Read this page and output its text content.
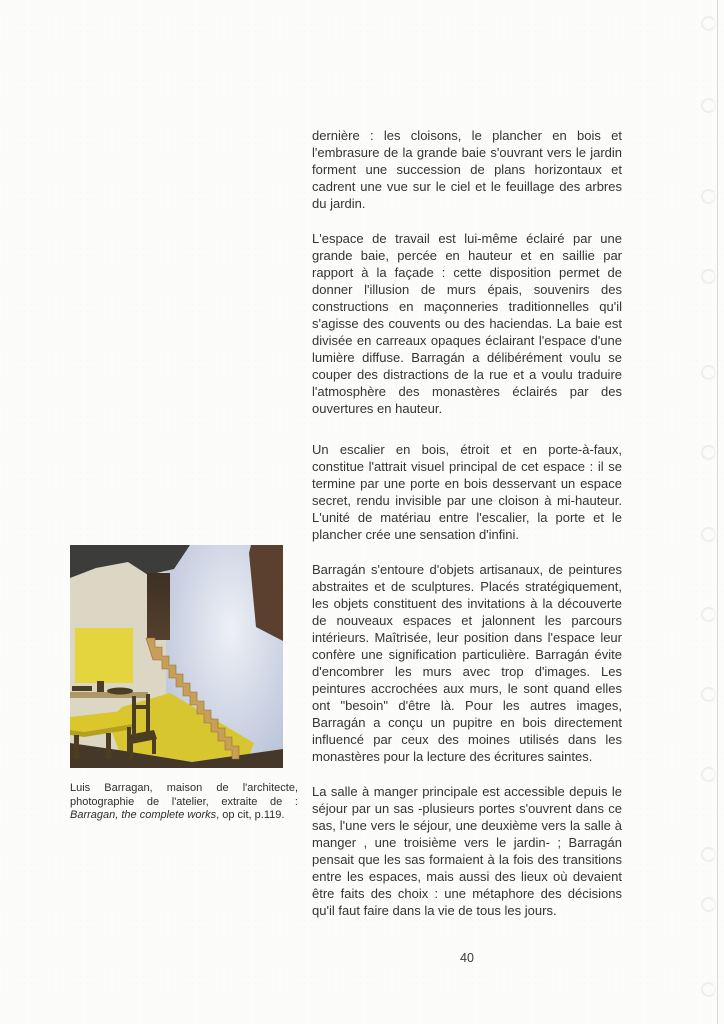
Luis Barragan, maison de l'architecte, photographie de l'atelier, extraite de : Barragan, the complete works, op cit, p.119.

dernière : les cloisons, le plancher en bois et l'embrasure de la grande baie s'ouvrant vers le jardin forment une succession de plans horizontaux et cadrent une vue sur le ciel et le feuillage des arbres du jardin.

L'espace de travail est lui-même éclairé par une grande baie, percée en hauteur et en saillie par rapport à la façade : cette disposition permet de donner l'illusion de murs épais, souvenirs des constructions en maçonneries traditionnelles qu'il s'agisse des couvents ou des haciendas. La baie est divisée en carreaux opaques éclairant l'espace d'une lumière diffuse. Barragán a délibérément voulu se couper des distractions de la rue et a voulu traduire l'atmosphère des monastères éclairés par des ouvertures en hauteur.

Un escalier en bois, étroit et en porte-à-faux, constitue l'attrait visuel principal de cet espace : il se termine par une porte en bois desservant un espace secret, rendu invisible par une cloison à mi-hauteur. L'unité de matériau entre l'escalier, la porte et le plancher crée une sensation d'infini.

Barragán s'entoure d'objets artisanaux, de peintures abstraites et de sculptures. Placés stratégiquement, les objets constituent des invitations à la découverte de nouveaux espaces et jalonnent les parcours intérieurs. Maîtrisée, leur position dans l'espace leur confère une signification particulière. Barragán évite d'encombrer les murs avec trop d'images. Les peintures accrochées aux murs, le sont quand elles ont "besoin" d'être là. Pour les autres images, Barragán a conçu un pupitre en bois directement influencé par ceux des moines utilisés dans les monastères pour la lecture des écritures saintes.

La salle à manger principale est accessible depuis le séjour par un sas -plusieurs portes s'ouvrent dans ce sas, l'une vers le séjour, une deuxième vers la salle à manger , une troisième vers le jardin- ; Barragán pensait que les sas formaient à la fois des transitions entre les espaces, mais aussi des lieux où devaient être faits des choix : une métaphore des décisions qu'il faut faire dans la vie de tous les jours.

40
